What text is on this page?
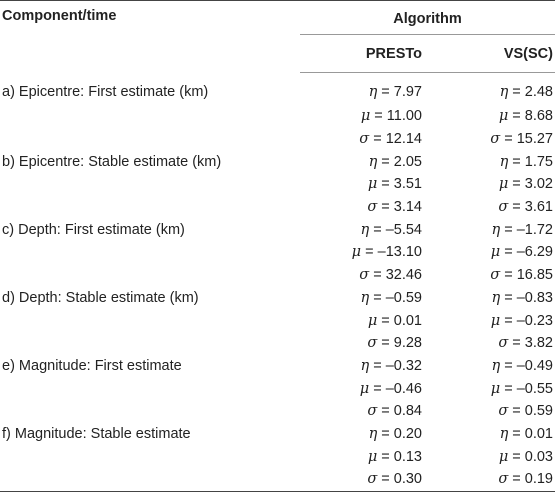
Component/time	Algorithm	
	PRESTo	VS(SC)
a) Epicentre: First estimate (km)	η = 7.97	η = 2.48
	μ = 11.00	μ = 8.68
	σ = 12.14	σ = 15.27
b) Epicentre: Stable estimate (km)	η = 2.05	η = 1.75
	μ = 3.51	μ = 3.02
	σ = 3.14	σ = 3.61
c) Depth: First estimate (km)	η = –5.54	η = –1.72
	μ = –13.10	μ = –6.29
	σ = 32.46	σ = 16.85
d) Depth: Stable estimate (km)	η = –0.59	η = –0.83
	μ = 0.01	μ = –0.23
	σ = 9.28	σ = 3.82
e) Magnitude: First estimate	η = –0.32	η = –0.49
	μ = –0.46	μ = –0.55
	σ = 0.84	σ = 0.59
f) Magnitude: Stable estimate	η = 0.20	η = 0.01
	μ = 0.13	μ = 0.03
	σ = 0.30	σ = 0.19
